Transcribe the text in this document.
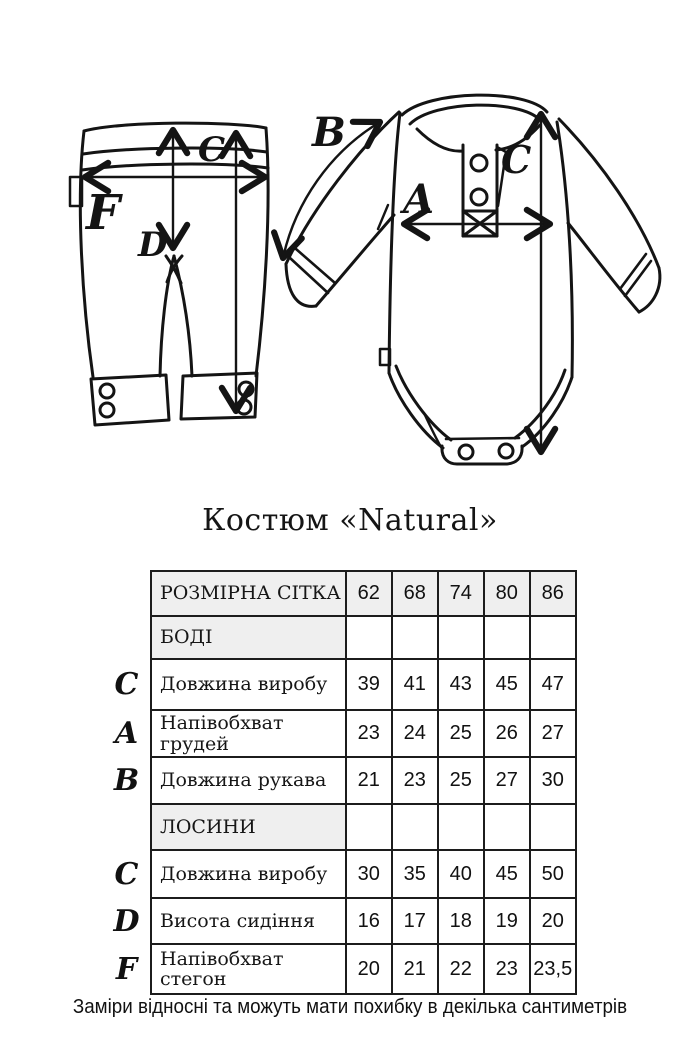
C
F
D
B
A
C
Костюм «Natural»
	РОЗМІРНА СІТКА	62	68	74	80	86
	БОДІ					
C	Довжина виробу	39	41	43	45	47
A	Напівобхват грудей	23	24	25	26	27
B	Довжина рукава	21	23	25	27	30
	ЛОСИНИ					
C	Довжина виробу	30	35	40	45	50
D	Висота сидіння	16	17	18	19	20
F	Напівобхват стегон	20	21	22	23	23,5

Заміри відносні та можуть мати похибку в декілька сантиметрів
